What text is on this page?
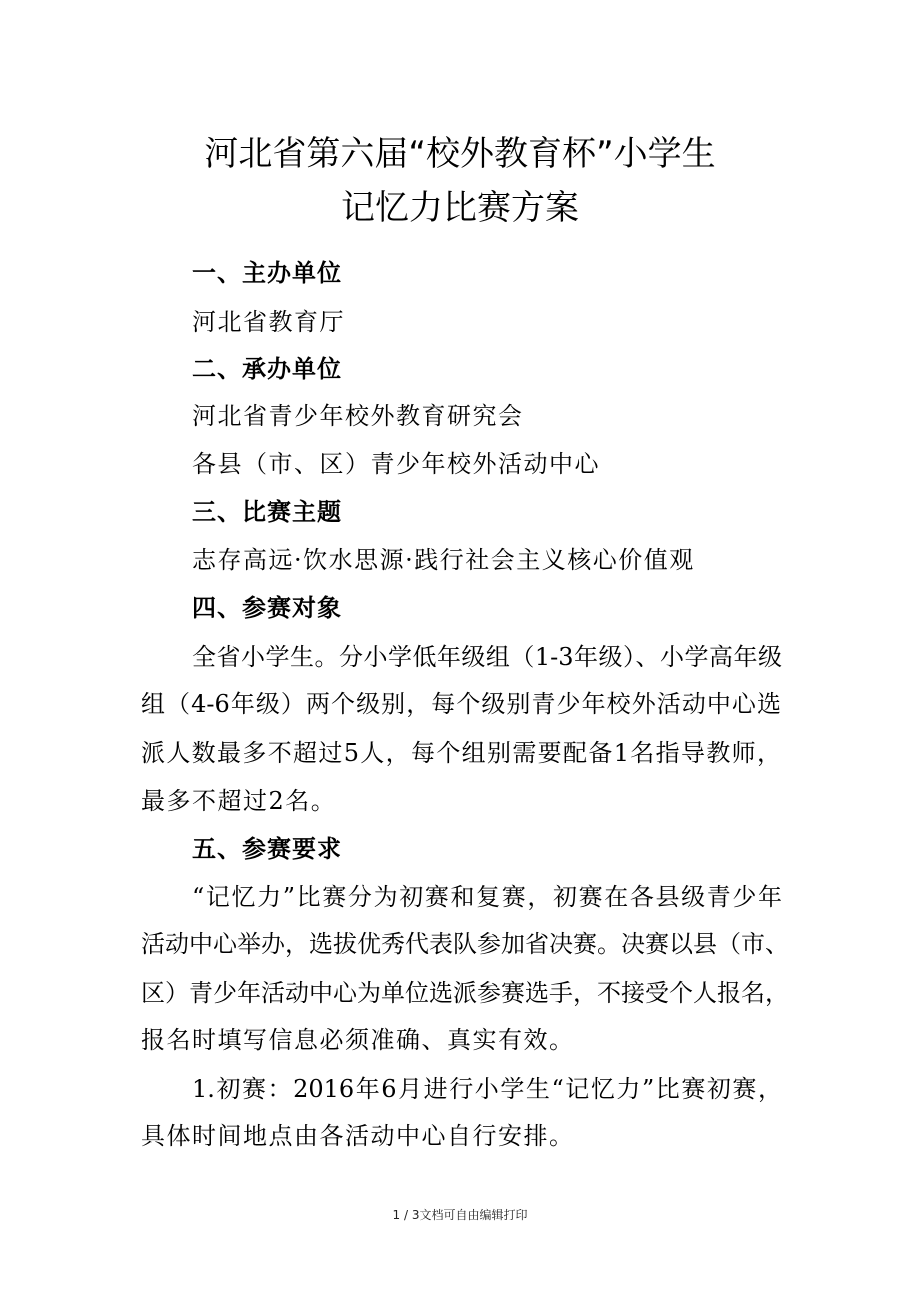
河北省第六届“校外教育杯”小学生
记忆力比赛方案
一、主办单位
河北省教育厅
二、承办单位
河北省青少年校外教育研究会
各县（市、区）青少年校外活动中心
三、比赛主题
志存高远·饮水思源·践行社会主义核心价值观
四、参赛对象
全省小学生。分小学低年级组（1-3年级）、小学高年级
组（4-6年级）两个级别，每个级别青少年校外活动中心选
派人数最多不超过5人，每个组别需要配备1名指导教师，
最多不超过2名。
五、参赛要求
“记忆力”比赛分为初赛和复赛，初赛在各县级青少年
活动中心举办，选拔优秀代表队参加省决赛。决赛以县（市、
区）青少年活动中心为单位选派参赛选手，不接受个人报名，
报名时填写信息必须准确、真实有效。
1.初赛：2016年6月进行小学生“记忆力”比赛初赛，
具体时间地点由各活动中心自行安排。
1 / 3文档可自由编辑打印
